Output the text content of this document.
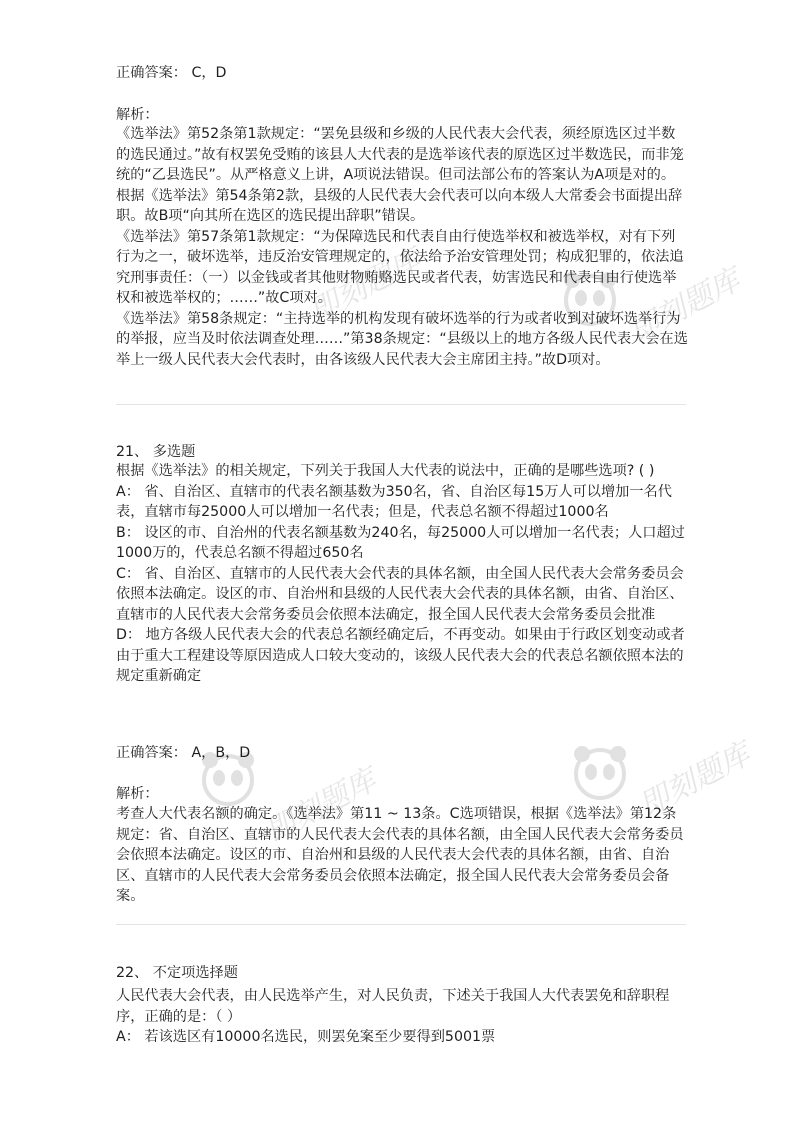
正确答案： C，D
解析：

《选举法》第52条第1款规定：“罢免县级和乡级的人民代表大会代表，须经原选区过半数的选民通过。”故有权罢免受贿的该县人大代表的是选举该代表的原选区过半数选民，而非笼统的“乙县选民”。从严格意义上讲，A项说法错误。但司法部公布的答案认为A项是对的。根据《选举法》第54条第2款，县级的人民代表大会代表可以向本级人大常委会书面提出辞职。故B项“向其所在选区的选民提出辞职”错误。

《选举法》第57条第1款规定：“为保障选民和代表自由行使选举权和被选举权，对有下列行为之一，破坏选举，违反治安管理规定的，依法给予治安管理处罚；构成犯罪的，依法追究刑事责任：（一）以金钱或者其他财物贿赂选民或者代表，妨害选民和代表自由行使选举权和被选举权的；……”故C项对。

《选举法》第58条规定：“主持选举的机构发现有破坏选举的行为或者收到对破坏选举行为的举报，应当及时依法调查处理……”第38条规定：“县级以上的地方各级人民代表大会在选举上一级人民代表大会代表时，由各该级人民代表大会主席团主持。”故D项对。

21、 多选题

根据《选举法》的相关规定，下列关于我国人大代表的说法中，正确的是哪些选项? ( )

A： 省、自治区、直辖市的代表名额基数为350名，省、自治区每15万人可以增加一名代表，直辖市每25000人可以增加一名代表；但是，代表总名额不得超过1000名

B： 设区的市、自治州的代表名额基数为240名，每25000人可以增加一名代表；人口超过1000万的，代表总名额不得超过650名

C： 省、自治区、直辖市的人民代表大会代表的具体名额，由全国人民代表大会常务委员会依照本法确定。设区的市、自治州和县级的人民代表大会代表的具体名额，由省、自治区、直辖市的人民代表大会常务委员会依照本法确定，报全国人民代表大会常务委员会批准

D： 地方各级人民代表大会的代表总名额经确定后，不再变动。如果由于行政区划变动或者由于重大工程建设等原因造成人口较大变动的，该级人民代表大会的代表总名额依照本法的规定重新确定

正确答案： A，B，D
解析：

考查人大代表名额的确定。《选举法》第11 ~ 13条。C选项错误，根据《选举法》第12条规定：省、自治区、直辖市的人民代表大会代表的具体名额，由全国人民代表大会常务委员会依照本法确定。设区的市、自治州和县级的人民代表大会代表的具体名额，由省、自治区、直辖市的人民代表大会常务委员会依照本法确定，报全国人民代表大会常务委员会备案。

22、 不定项选择题

人民代表大会代表，由人民选举产生，对人民负责，下述关于我国人大代表罢免和辞职程序，正确的是：（ ）

A： 若该选区有10000名选民，则罢免案至少要得到5001票

即刻题库
即刻题库
即刻题库	即刻题库
